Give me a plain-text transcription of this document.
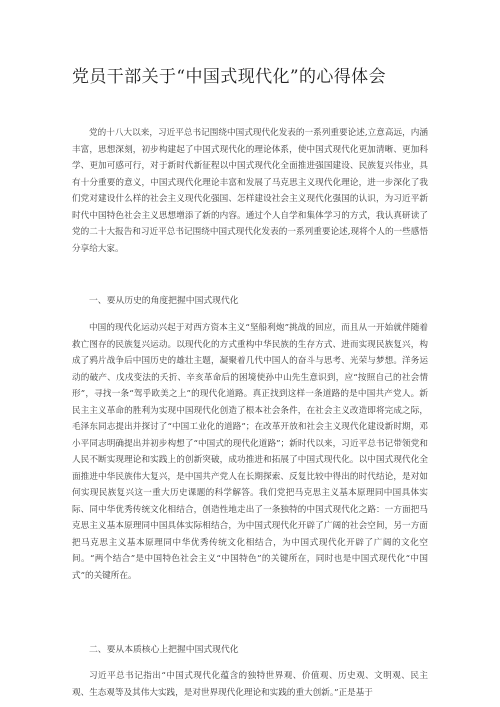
党员干部关于“中国式现代化”的心得体会

党的十八大以来，习近平总书记围绕中国式现代化发表的一系列重要论述,立意高远，内涵丰富，思想深刻，初步构建起了中国式现代化的理论体系，使中国式现代化更加清晰、更加科学、更加可感可行，对于新时代新征程以中国式现代化全面推进强国建设、民族复兴伟业，具有十分重要的意义，中国式现代化理论丰富和发展了马克思主义现代化理论，进一步深化了我们党对建设什么样的社会主义现代化强国、怎样建设社会主义现代化强国的认识，为习近平新时代中国特色社会主义思想增添了新的内容。通过个人自学和集体学习的方式，我认真研读了党的二十大报告和习近平总书记围绕中国式现代化发表的一系列重要论述,现将个人的一些感悟分享给大家。

一、要从历史的角度把握中国式现代化

中国的现代化运动兴起于对西方资本主义“坚船利炮”挑战的回应，而且从一开始就伴随着救亡图存的民族复兴运动。以现代化的方式重构中华民族的生存方式、进而实现民族复兴，构成了鸦片战争后中国历史的雄壮主题，凝聚着几代中国人的奋斗与思考、光荣与梦想。洋务运动的破产、戊戌变法的夭折、辛亥革命后的困境使孙中山先生意识到，应“按照自己的社会情形”，寻找一条“驾乎欧美之上”的现代化道路。真正找到这样一条道路的是中国共产党人。新民主主义革命的胜利为实现中国现代化创造了根本社会条件，在社会主义改造即将完成之际，毛泽东同志提出并探讨了“中国工业化的道路”；在改革开放和社会主义现代化建设新时期，邓小平同志明确提出并初步构想了“中国式的现代化道路”；新时代以来，习近平总书记带领党和人民不断实现理论和实践上的创新突破，成功推进和拓展了中国式现代化。以中国式现代化全面推进中华民族伟大复兴，是中国共产党人在长期探索、反复比较中得出的时代结论，是对如何实现民族复兴这一重大历史课题的科学解答。我们党把马克思主义基本原理同中国具体实际、同中华优秀传统文化相结合，创造性地走出了一条独特的中国式现代化之路：一方面把马克思主义基本原理同中国具体实际相结合，为中国式现代化开辟了广阔的社会空间，另一方面把马克思主义基本原理同中华优秀传统文化相结合，为中国式现代化开辟了广阔的文化空间。“两个结合”是中国特色社会主义“中国特色”的关键所在，同时也是中国式现代化“中国式”的关键所在。

二、要从本质核心上把握中国式现代化

习近平总书记指出“中国式现代化蕴含的独特世界观、价值观、历史观、文明观、民主观、生态观等及其伟大实践，是对世界现代化理论和实践的重大创新。”正是基于
